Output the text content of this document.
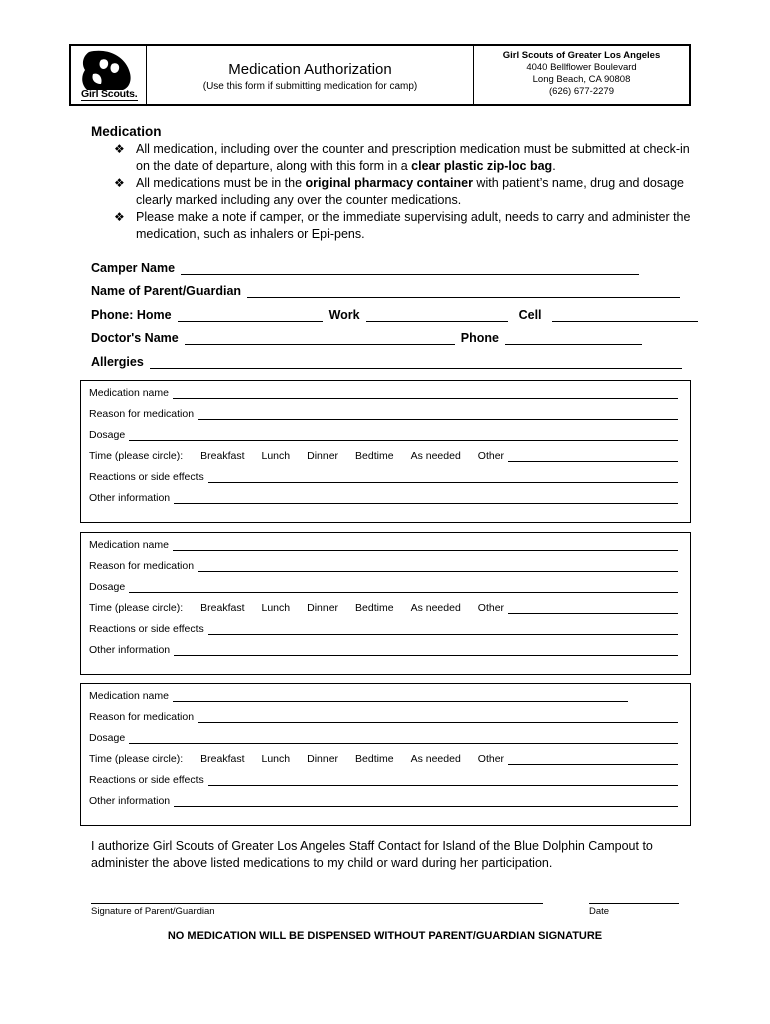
Girl Scouts.
Medication Authorization
(Use this form if submitting medication for camp)
Girl Scouts of Greater Los Angeles
4040 Bellflower Boulevard
Long Beach, CA 90808
(626) 677-2279
Medication
❖ All medication, including over the counter and prescription medication must be submitted at check-in on the date of departure, along with this form in a clear plastic zip-loc bag.
❖ All medications must be in the original pharmacy container with patient’s name, drug and dosage clearly marked including any over the counter medications.
❖ Please make a note if camper, or the immediate supervising adult, needs to carry and administer the medication, such as inhalers or Epi-pens.
Camper Name
Name of Parent/Guardian
Phone: Home	Work	Cell
Doctor's Name	Phone
Allergies
Medication name
Reason for medication
Dosage
Time (please circle): Breakfast Lunch Dinner Bedtime As needed Other
Reactions or side effects
Other information
Medication name
Reason for medication
Dosage
Time (please circle): Breakfast Lunch Dinner Bedtime As needed Other
Reactions or side effects
Other information
Medication name
Reason for medication
Dosage
Time (please circle): Breakfast Lunch Dinner Bedtime As needed Other
Reactions or side effects
Other information
I authorize Girl Scouts of Greater Los Angeles Staff Contact for Island of the Blue Dolphin Campout to administer the above listed medications to my child or ward during her participation.
Signature of Parent/Guardian	Date
NO MEDICATION WILL BE DISPENSED WITHOUT PARENT/GUARDIAN SIGNATURE
